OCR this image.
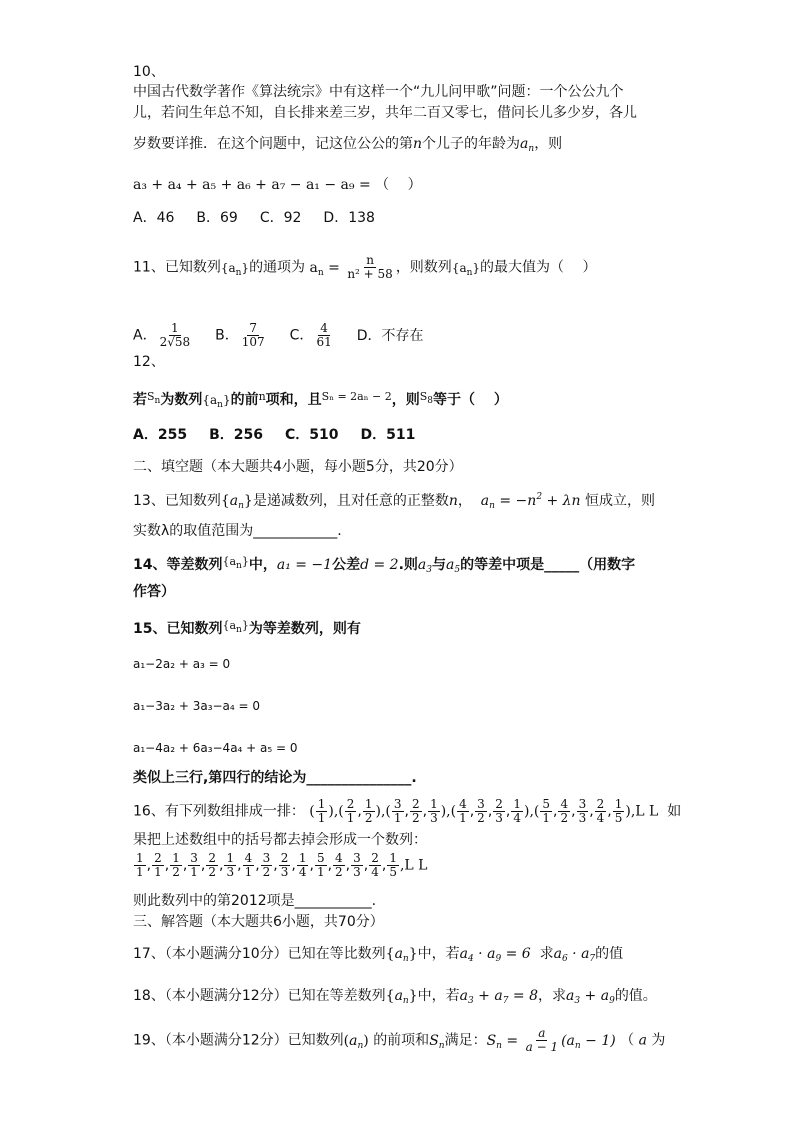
10、
中国古代数学著作《算法统宗》中有这样一个“九儿问甲歌”问题：一个公公九个
儿，若问生年总不知，自长排来差三岁，共年二百又零七，借问长儿多少岁，各儿
岁数要详推．在这个问题中，记这位公公的第n个儿子的年龄为$a_n$，则
a₃ + a₄ + a₅ + a₆ + a₇ − a₁ − a₉ = （　 ）
A．46 B．69 C．92 D．138
11、已知数列$\{a_n\}$的通项为 $a_n = \frac{n}{\text{n² + 58}}$ ，则数列$\{a_n\}$的最大值为（　 ）
A． $\frac{1}{2√58}$ B． $\frac{7}{107}$ C． $\frac{4}{61}$ D．不存在
12、
若$^{S_n}$为数列$\{a_n\}$的前$^n$项和，且$^{S_n = 2a_n - 2}$，则$^{S_8}$等于（　 ）
A．255 B．256 C．510 D．511
二、填空题（本大题共4小题，每小题5分，共20分）
13、已知数列$\{a_n\}$是递减数列，且对任意的正整数n， $a_n = -n^2 + \lambda n$ 恒成立，则
实数λ的取值范围为____________.
14、等差数列$^{\{a_n\}}$中，a₁ = −1公差d = 2.则$a_3$与$a_5$的等差中项是_____（用数字
作答）
15、已知数列$^{\{a_n\}}$为等差数列，则有
a₁−2a₂ + a₃ = 0
a₁−3a₂ + 3a₃−a₄ = 0
a₁−4a₂ + 6a₃−4a₄ + a₅ = 0
类似上三行,第四行的结论为_______________.
16、有下列数组排成一排： ( $\frac{1}{1}$ ),( $\frac{2}{1}$ , $\frac{1}{2}$ ),( $\frac{3}{1}$ , $\frac{2}{2}$ , $\frac{1}{3}$ ),( $\frac{4}{1}$ , $\frac{3}{2}$ , $\frac{2}{3}$ , $\frac{1}{4}$ ),( $\frac{5}{1}$ , $\frac{4}{2}$ , $\frac{3}{3}$ , $\frac{2}{4}$ , $\frac{1}{5} ),L$ L 如
果把上述数组中的括号都去掉会形成一个数列：
$\frac{1}{1}$ , $\frac{2}{1}$ , $\frac{1}{2}$ , $\frac{3}{1}$ , $\frac{2}{2}$ , $\frac{1}{3}$ , $\frac{4}{1}$ , $\frac{3}{2}$ , $\frac{2}{3}$ , $\frac{1}{4}$ , $\frac{5}{1}$ , $\frac{4}{2}$ , $\frac{3}{3}$ , $\frac{2}{4}$ , $\frac{1}{5} ,L$ L
则此数列中的第2012项是___________.
三、解答题（本大题共6小题，共70分）
17、（本小题满分10分）已知在等比数列$\{a_n\}$中，若$a_4 \cdot a_9 = 6$ 求$a_6 \cdot a_7$的值
18、（本小题满分12分）已知在等差数列$\{a_n\}$中，若$a_3 + a_7 = 8$，求$a_3 + a_9$的值。
19、（本小题满分12分）已知数列$(a_n)$ 的前项和$S_n$满足：$S_n = \frac{a}{a - 1} (a_n - 1)$ （ a 为
